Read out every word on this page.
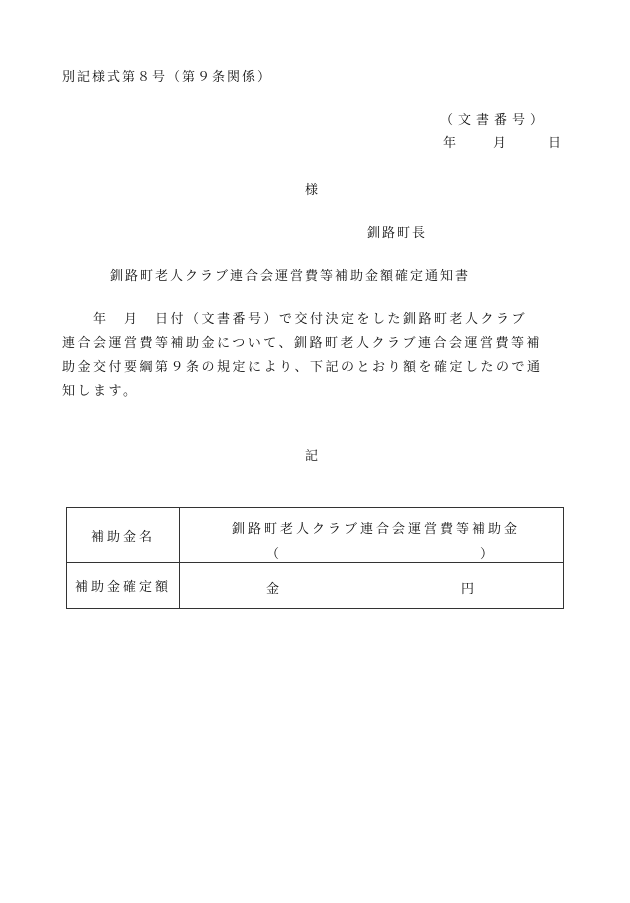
別記様式第８号（第９条関係）
（文書番号）
年	月	日
様
釧路町長
釧路町老人クラブ連合会運営費等補助金額確定通知書
　　年　月　日付（文書番号）で交付決定をした釧路町老人クラブ
連合会運営費等補助金について、釧路町老人クラブ連合会運営費等補
助金交付要綱第９条の規定により、下記のとおり額を確定したので通
知します。
記
補助金名	釧路町老人クラブ連合会運営費等補助金
（ ）

補助金確定額	金 円
